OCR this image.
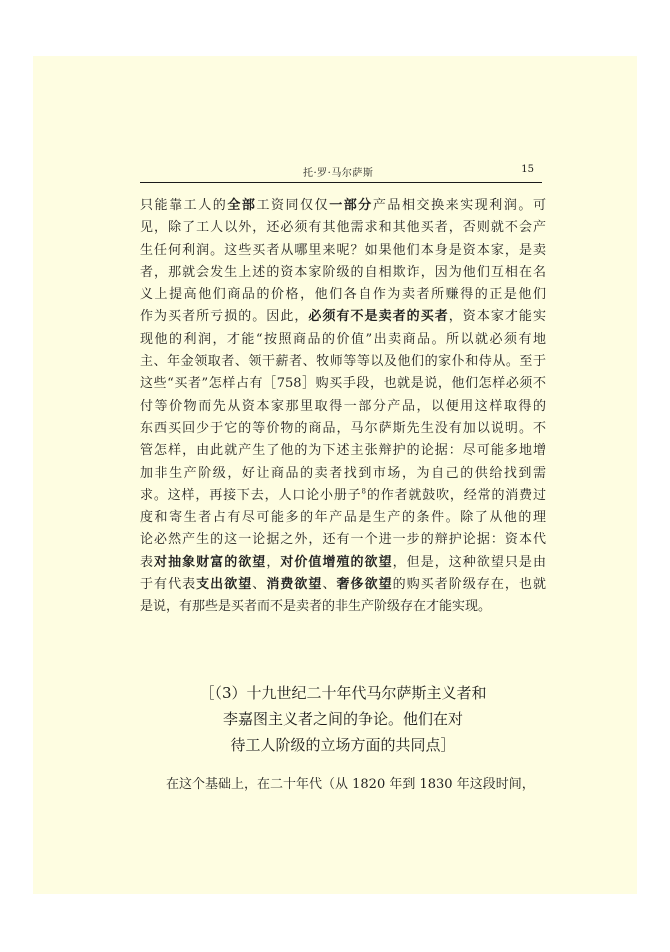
托·罗·马尔萨斯	15
只能靠工人的全部工资同仅仅一部分产品相交换来实现利润。可
见，除了工人以外，还必须有其他需求和其他买者，否则就不会产
生任何利润。这些买者从哪里来呢？如果他们本身是资本家，是卖
者，那就会发生上述的资本家阶级的自相欺诈，因为他们互相在名
义上提高他们商品的价格，他们各自作为卖者所赚得的正是他们
作为买者所亏损的。因此，必须有不是卖者的买者，资本家才能实
现他的利润，才能“按照商品的价值”出卖商品。所以就必须有地
主、年金领取者、领干薪者、牧师等等以及他们的家仆和侍从。至于
这些“买者”怎样占有［758］购买手段，也就是说，他们怎样必须不
付等价物而先从资本家那里取得一部分产品，以便用这样取得的
东西买回少于它的等价物的商品，马尔萨斯先生没有加以说明。不
管怎样，由此就产生了他的为下述主张辩护的论据：尽可能多地增
加非生产阶级，好让商品的卖者找到市场，为自己的供给找到需
求。这样，再接下去，人口论小册子$^8$的作者就鼓吹，经常的消费过
度和寄生者占有尽可能多的年产品是生产的条件。除了从他的理
论必然产生的这一论据之外，还有一个进一步的辩护论据：资本代
表对抽象财富的欲望，对价值增殖的欲望，但是，这种欲望只是由
于有代表支出欲望、消费欲望、奢侈欲望的购买者阶级存在，也就
是说，有那些是买者而不是卖者的非生产阶级存在才能实现。
［（3）十九世纪二十年代马尔萨斯主义者和
李嘉图主义者之间的争论。他们在对
待工人阶级的立场方面的共同点］
在这个基础上，在二十年代（从 1820 年到 1830 年这段时间，
